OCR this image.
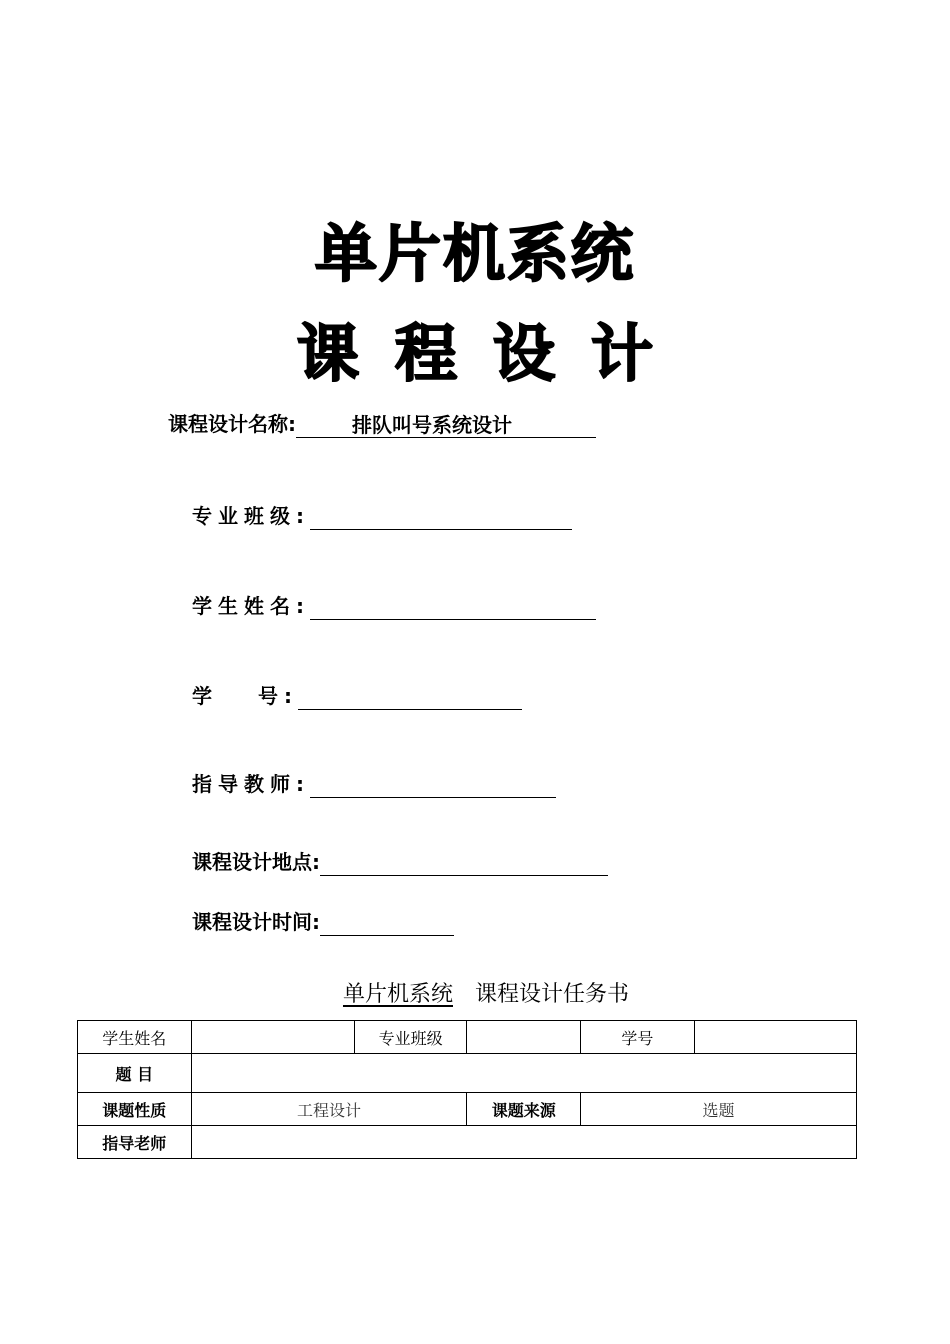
单片机系统
课程设计
课程设计名称:	排队叫号系统设计
专业班级:
学生姓名:
学 号:
指导教师:
课程设计地点:
课程设计时间:
单片机系统 课程设计任务书
学生姓名		专业班级		学号	
题 目					
课题性质	工程设计		课题来源	选题	
指导老师					
